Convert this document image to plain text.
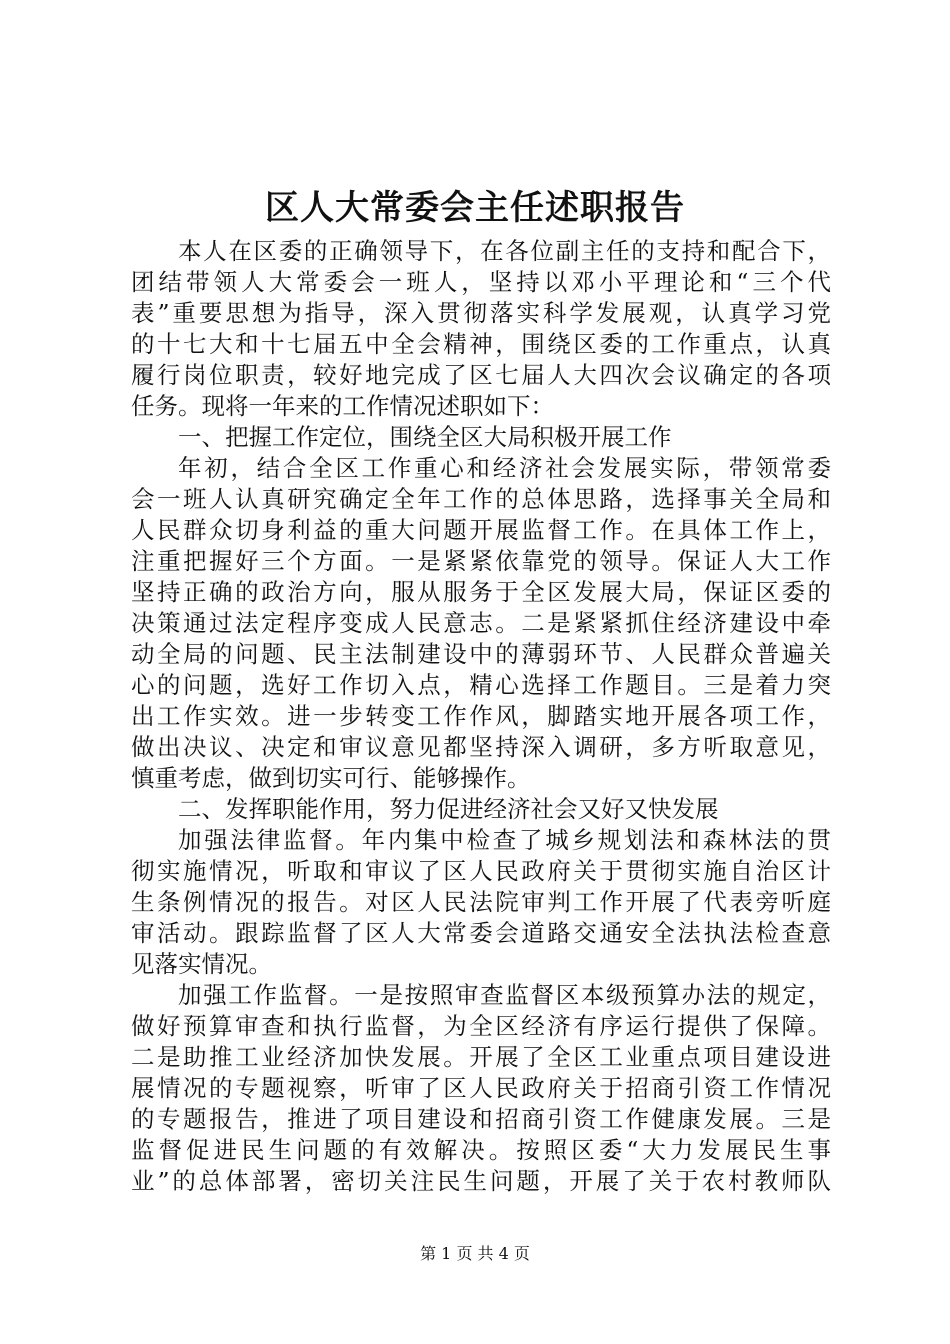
区人大常委会主任述职报告
本人在区委的正确领导下，在各位副主任的支持和配合下，
团结带领人大常委会一班人，坚持以邓小平理论和“三个代
表”重要思想为指导，深入贯彻落实科学发展观，认真学习党
的十七大和十七届五中全会精神，围绕区委的工作重点，认真
履行岗位职责，较好地完成了区七届人大四次会议确定的各项
任务。现将一年来的工作情况述职如下：
一、把握工作定位，围绕全区大局积极开展工作
年初，结合全区工作重心和经济社会发展实际，带领常委
会一班人认真研究确定全年工作的总体思路，选择事关全局和
人民群众切身利益的重大问题开展监督工作。在具体工作上，
注重把握好三个方面。一是紧紧依靠党的领导。保证人大工作
坚持正确的政治方向，服从服务于全区发展大局，保证区委的
决策通过法定程序变成人民意志。二是紧紧抓住经济建设中牵
动全局的问题、民主法制建设中的薄弱环节、人民群众普遍关
心的问题，选好工作切入点，精心选择工作题目。三是着力突
出工作实效。进一步转变工作作风，脚踏实地开展各项工作，
做出决议、决定和审议意见都坚持深入调研，多方听取意见，
慎重考虑，做到切实可行、能够操作。
二、发挥职能作用，努力促进经济社会又好又快发展
加强法律监督。年内集中检查了城乡规划法和森林法的贯
彻实施情况，听取和审议了区人民政府关于贯彻实施自治区计
生条例情况的报告。对区人民法院审判工作开展了代表旁听庭
审活动。跟踪监督了区人大常委会道路交通安全法执法检查意
见落实情况。
加强工作监督。一是按照审查监督区本级预算办法的规定，
做好预算审查和执行监督，为全区经济有序运行提供了保障。
二是助推工业经济加快发展。开展了全区工业重点项目建设进
展情况的专题视察，听审了区人民政府关于招商引资工作情况
的专题报告，推进了项目建设和招商引资工作健康发展。三是
监督促进民生问题的有效解决。按照区委“大力发展民生事
业”的总体部署，密切关注民生问题，开展了关于农村教师队
第 1 页 共 4 页
